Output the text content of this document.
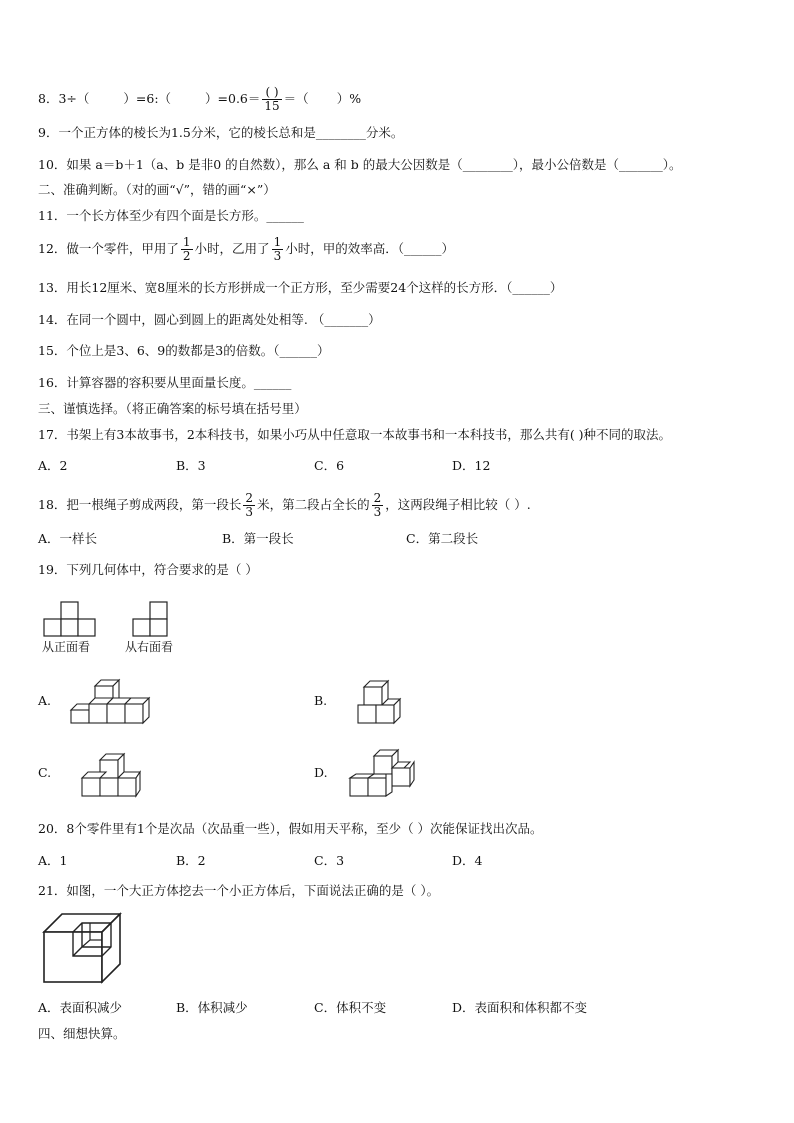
8．3÷（	）=6:（	）$=0.6= \frac{( )}{15}$ ＝（ ）%
9．一个正方体的棱长为1.5分米，它的棱长总和是________分米。
10．如果 a＝b＋1（a、b 是非0 的自然数），那么 a 和 b 的最大公因数是（________），最小公倍数是（_______）。
二、准确判断。（对的画“√”，错的画“×”）
11．一个长方体至少有四个面是长方形。______
12．做一个零件，甲用了 $\frac{1}{2}$ 小时，乙用了 $\frac{1}{3}$ 小时，甲的效率高．（______）
13．用长12厘米、宽8厘米的长方形拼成一个正方形，至少需要24个这样的长方形．（______）
14．在同一个圆中，圆心到圆上的距离处处相等. （_______）
15．个位上是3、6、9的数都是3的倍数。（______）
16．计算容器的容积要从里面量长度。______
三、谨慎选择。（将正确答案的标号填在括号里）
17．书架上有3本故事书，2本科技书，如果小巧从中任意取一本故事书和一本科技书，那么共有( )种不同的取法。
A．2	B．3	C．6	D．12
18．把一根绳子剪成两段，第一段长 $\frac{2}{3}$ 米，第二段占全长的 $\frac{2}{3}$ ，这两段绳子相比较（ ）.
A．一样长	B．第一段长	C．第二段长
19．下列几何体中，符合要求的是（ ）
从正面看	从右面看
A.	B.
C.	D.
20．8个零件里有1个是次品（次品重一些），假如用天平称，至少（ ）次能保证找出次品。
A．1	B．2	C．3	D．4
21．如图，一个大正方体挖去一个小正方体后，下面说法正确的是（ ）。
A．表面积减少	B．体积减少	C．体积不变	D．表面积和体积都不变
四、细想快算。
